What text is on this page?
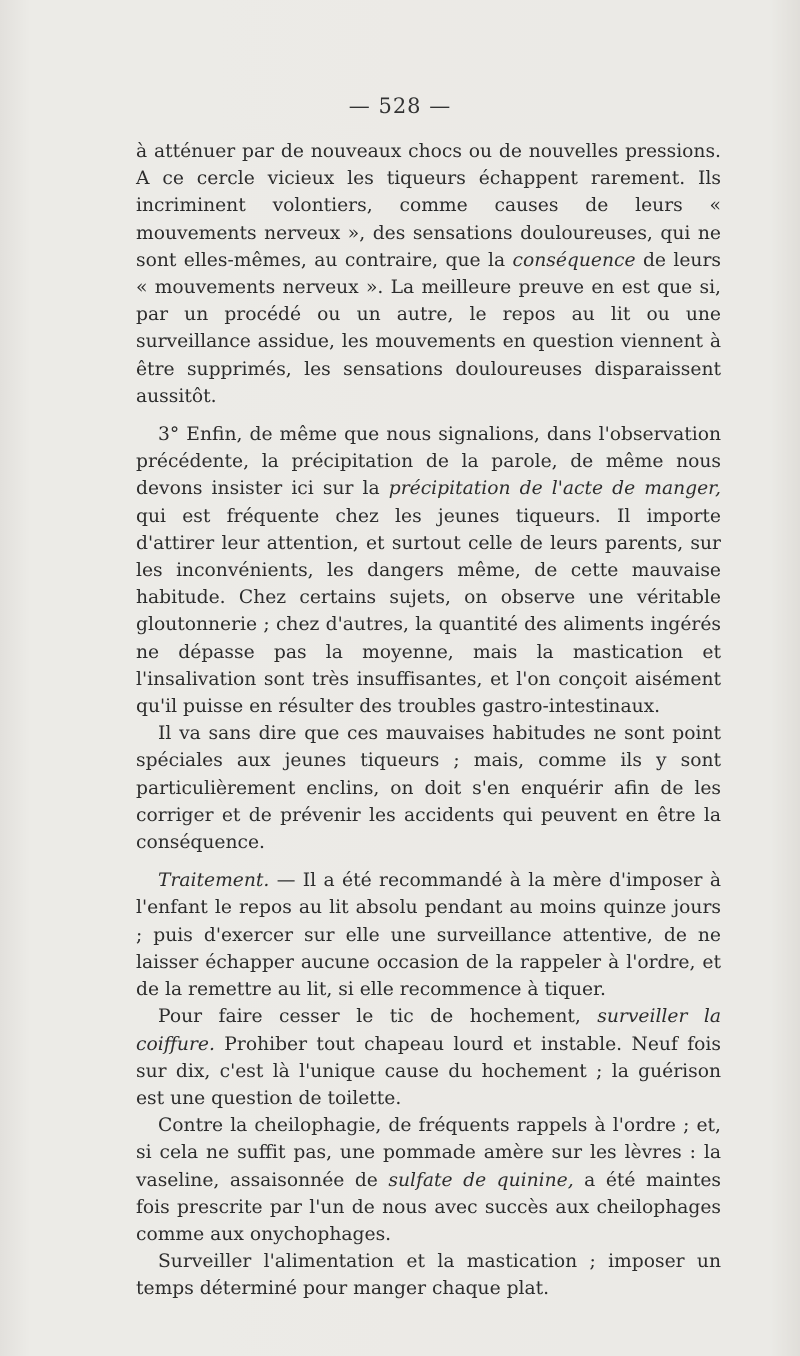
— 528 —

à atténuer par de nouveaux chocs ou de nouvelles pressions. A ce cercle vicieux les tiqueurs échappent rarement. Ils incriminent volontiers, comme causes de leurs « mouvements nerveux », des sensations douloureuses, qui ne sont elles-mêmes, au contraire, que la conséquence de leurs « mouvements nerveux ». La meilleure preuve en est que si, par un procédé ou un autre, le repos au lit ou une surveillance assidue, les mouvements en question viennent à être supprimés, les sensations douloureuses disparaissent aussitôt.

3° Enfin, de même que nous signalions, dans l'observation précédente, la précipitation de la parole, de même nous devons insister ici sur la précipitation de l'acte de manger, qui est fréquente chez les jeunes tiqueurs. Il importe d'attirer leur attention, et surtout celle de leurs parents, sur les inconvénients, les dangers même, de cette mauvaise habitude. Chez certains sujets, on observe une véritable gloutonnerie ; chez d'autres, la quantité des aliments ingérés ne dépasse pas la moyenne, mais la mastication et l'insalivation sont très insuffisantes, et l'on conçoit aisément qu'il puisse en résulter des troubles gastro-intestinaux.

Il va sans dire que ces mauvaises habitudes ne sont point spéciales aux jeunes tiqueurs ; mais, comme ils y sont particulièrement enclins, on doit s'en enquérir afin de les corriger et de prévenir les accidents qui peuvent en être la conséquence.

Traitement. — Il a été recommandé à la mère d'imposer à l'enfant le repos au lit absolu pendant au moins quinze jours ; puis d'exercer sur elle une surveillance attentive, de ne laisser échapper aucune occasion de la rappeler à l'ordre, et de la remettre au lit, si elle recommence à tiquer.

Pour faire cesser le tic de hochement, surveiller la coiffure. Prohiber tout chapeau lourd et instable. Neuf fois sur dix, c'est là l'unique cause du hochement ; la guérison est une question de toilette.

Contre la cheilophagie, de fréquents rappels à l'ordre ; et, si cela ne suffit pas, une pommade amère sur les lèvres : la vaseline, assaisonnée de sulfate de quinine, a été maintes fois prescrite par l'un de nous avec succès aux cheilophages comme aux onychophages.

Surveiller l'alimentation et la mastication ; imposer un temps déterminé pour manger chaque plat.
